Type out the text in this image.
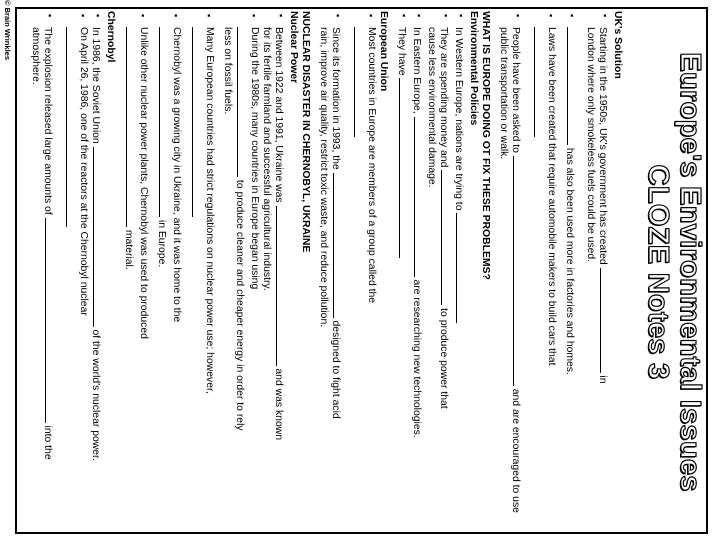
Europe's Environmental Issues
CLOZE Notes 3
UK's Solution
▪ Starting in the 1950s, UK's government has created  in
London where only smokeless fuels could be used.
▪ has also been used more in factories and homes.
▪ Laws have been created that require automobile makers to build cars that

▪ People have been asked to  and are encouraged to use
public transportation or walk.
WHAT IS EUROPE DOING OT FIX THESE PROBLEMS?
Environmental Policies
▪ In Western Europe, nations are trying to
▪ They are spending money and  to produce power that
cause less environmental damage.
▪ In Eastern Europe,  are researching new technologies.
▪ They have
European Union
▪ Most countries in Europe are members of a group called the

▪ Since its formation in 1993, the  designed to fight acid
rain, improve air quality, restrict toxic waste, and reduce pollution.
NUCLEAR DISASTER IN CHERNOBYL, UKRAINE
Nuclear Power
▪ Between 1922 and 1991, Ukraine was  and was known
for its fertile farmland and successful agricultural industry.
▪ During the 1980s, many countries in Europe began using
to produce cleaner and cheaper energy in order to rely
less on fossil fuels.
▪ Many European countries had strict regulations on nuclear power use; however,

▪ Chernobyl was a growing city in Ukraine, and it was home to the
in Europe.
▪ Unlike other nuclear power plants, Chernobyl was used to produced
material.
Chernobyl
▪ In 1986, the Soviet Union  of the world's nuclear power.
▪ On April 26, 1986, one of the reactors at the Chernobyl nuclear

▪ The explosion released large amounts of  into the
atmosphere.
© Brain Wrinkles
